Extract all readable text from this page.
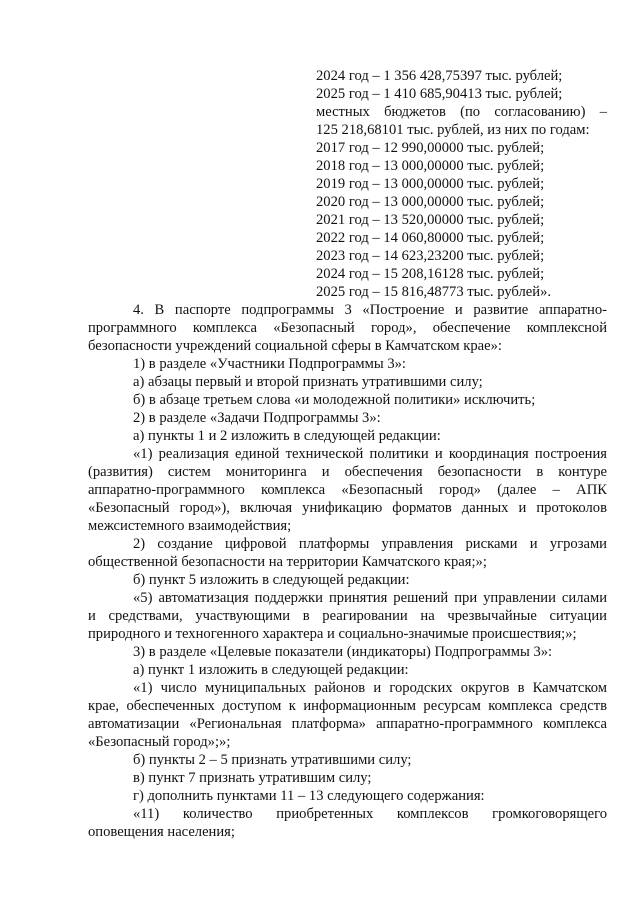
2024 год – 1 356 428,75397 тыс. рублей;
2025 год – 1 410 685,90413 тыс. рублей;
местных бюджетов (по согласованию) –
125 218,68101 тыс. рублей, из них по годам:
2017 год – 12 990,00000 тыс. рублей;
2018 год – 13 000,00000 тыс. рублей;
2019 год – 13 000,00000 тыс. рублей;
2020 год – 13 000,00000 тыс. рублей;
2021 год – 13 520,00000 тыс. рублей;
2022 год – 14 060,80000 тыс. рублей;
2023 год – 14 623,23200 тыс. рублей;
2024 год – 15 208,16128 тыс. рублей;
2025 год – 15 816,48773 тыс. рублей».
4. В паспорте подпрограммы 3 «Построение и развитие аппаратно-
программного комплекса «Безопасный город», обеспечение комплексной
безопасности учреждений социальной сферы в Камчатском крае»:
1) в разделе «Участники Подпрограммы 3»:
а) абзацы первый и второй признать утратившими силу;
б) в абзаце третьем слова «и молодежной политики» исключить;
2) в разделе «Задачи Подпрограммы 3»:
а) пункты 1 и 2 изложить в следующей редакции:
«1) реализация единой технической политики и координация построения
(развития) систем мониторинга и обеспечения безопасности в контуре
аппаратно-программного комплекса «Безопасный город» (далее – АПК
«Безопасный город»), включая унификацию форматов данных и протоколов
межсистемного взаимодействия;
2) создание цифровой платформы управления рисками и угрозами
общественной безопасности на территории Камчатского края;»;
б) пункт 5 изложить в следующей редакции:
«5) автоматизация поддержки принятия решений при управлении силами
и средствами, участвующими в реагировании на чрезвычайные ситуации
природного и техногенного характера и социально-значимые происшествия;»;
3) в разделе «Целевые показатели (индикаторы) Подпрограммы 3»:
а) пункт 1 изложить в следующей редакции:
«1) число муниципальных районов и городских округов в Камчатском
крае, обеспеченных доступом к информационным ресурсам комплекса средств
автоматизации «Региональная платформа» аппаратно-программного комплекса
«Безопасный город»;»;
б) пункты 2 – 5 признать утратившими силу;
в) пункт 7 признать утратившим силу;
г) дополнить пунктами 11 – 13 следующего содержания:
«11) количество приобретенных комплексов громкоговорящего
оповещения населения;
